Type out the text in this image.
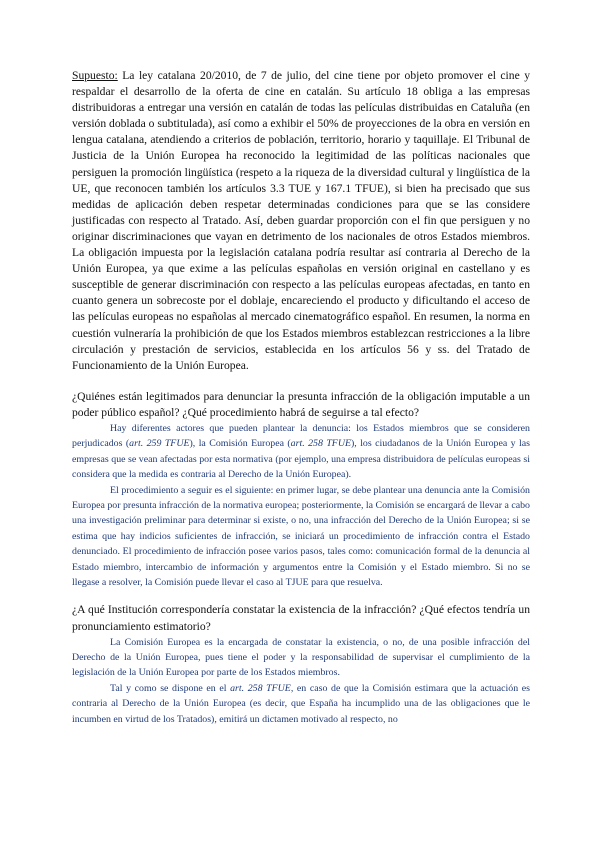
Supuesto: La ley catalana 20/2010, de 7 de julio, del cine tiene por objeto promover el cine y respaldar el desarrollo de la oferta de cine en catalán. Su artículo 18 obliga a las empresas distribuidoras a entregar una versión en catalán de todas las películas distribuidas en Cataluña (en versión doblada o subtitulada), así como a exhibir el 50% de proyecciones de la obra en versión en lengua catalana, atendiendo a criterios de población, territorio, horario y taquillaje. El Tribunal de Justicia de la Unión Europea ha reconocido la legitimidad de las políticas nacionales que persiguen la promoción lingüística (respeto a la riqueza de la diversidad cultural y lingüística de la UE, que reconocen también los artículos 3.3 TUE y 167.1 TFUE), si bien ha precisado que sus medidas de aplicación deben respetar determinadas condiciones para que se las considere justificadas con respecto al Tratado. Así, deben guardar proporción con el fin que persiguen y no originar discriminaciones que vayan en detrimento de los nacionales de otros Estados miembros. La obligación impuesta por la legislación catalana podría resultar así contraria al Derecho de la Unión Europea, ya que exime a las películas españolas en versión original en castellano y es susceptible de generar discriminación con respecto a las películas europeas afectadas, en tanto en cuanto genera un sobrecoste por el doblaje, encareciendo el producto y dificultando el acceso de las películas europeas no españolas al mercado cinematográfico español. En resumen, la norma en cuestión vulneraría la prohibición de que los Estados miembros establezcan restricciones a la libre circulación y prestación de servicios, establecida en los artículos 56 y ss. del Tratado de Funcionamiento de la Unión Europea.

¿Quiénes están legitimados para denunciar la presunta infracción de la obligación imputable a un poder público español? ¿Qué procedimiento habrá de seguirse a tal efecto?

Hay diferentes actores que pueden plantear la denuncia: los Estados miembros que se consideren perjudicados (art. 259 TFUE), la Comisión Europea (art. 258 TFUE), los ciudadanos de la Unión Europea y las empresas que se vean afectadas por esta normativa (por ejemplo, una empresa distribuidora de películas europeas si considera que la medida es contraria al Derecho de la Unión Europea).

El procedimiento a seguir es el siguiente: en primer lugar, se debe plantear una denuncia ante la Comisión Europea por presunta infracción de la normativa europea; posteriormente, la Comisión se encargará de llevar a cabo una investigación preliminar para determinar si existe, o no, una infracción del Derecho de la Unión Europea; si se estima que hay indicios suficientes de infracción, se iniciará un procedimiento de infracción contra el Estado denunciado. El procedimiento de infracción posee varios pasos, tales como: comunicación formal de la denuncia al Estado miembro, intercambio de información y argumentos entre la Comisión y el Estado miembro. Si no se llegase a resolver, la Comisión puede llevar el caso al TJUE para que resuelva.

¿A qué Institución correspondería constatar la existencia de la infracción? ¿Qué efectos tendría un pronunciamiento estimatorio?

La Comisión Europea es la encargada de constatar la existencia, o no, de una posible infracción del Derecho de la Unión Europea, pues tiene el poder y la responsabilidad de supervisar el cumplimiento de la legislación de la Unión Europea por parte de los Estados miembros.

Tal y como se dispone en el art. 258 TFUE, en caso de que la Comisión estimara que la actuación es contraria al Derecho de la Unión Europea (es decir, que España ha incumplido una de las obligaciones que le incumben en virtud de los Tratados), emitirá un dictamen motivado al respecto, no
